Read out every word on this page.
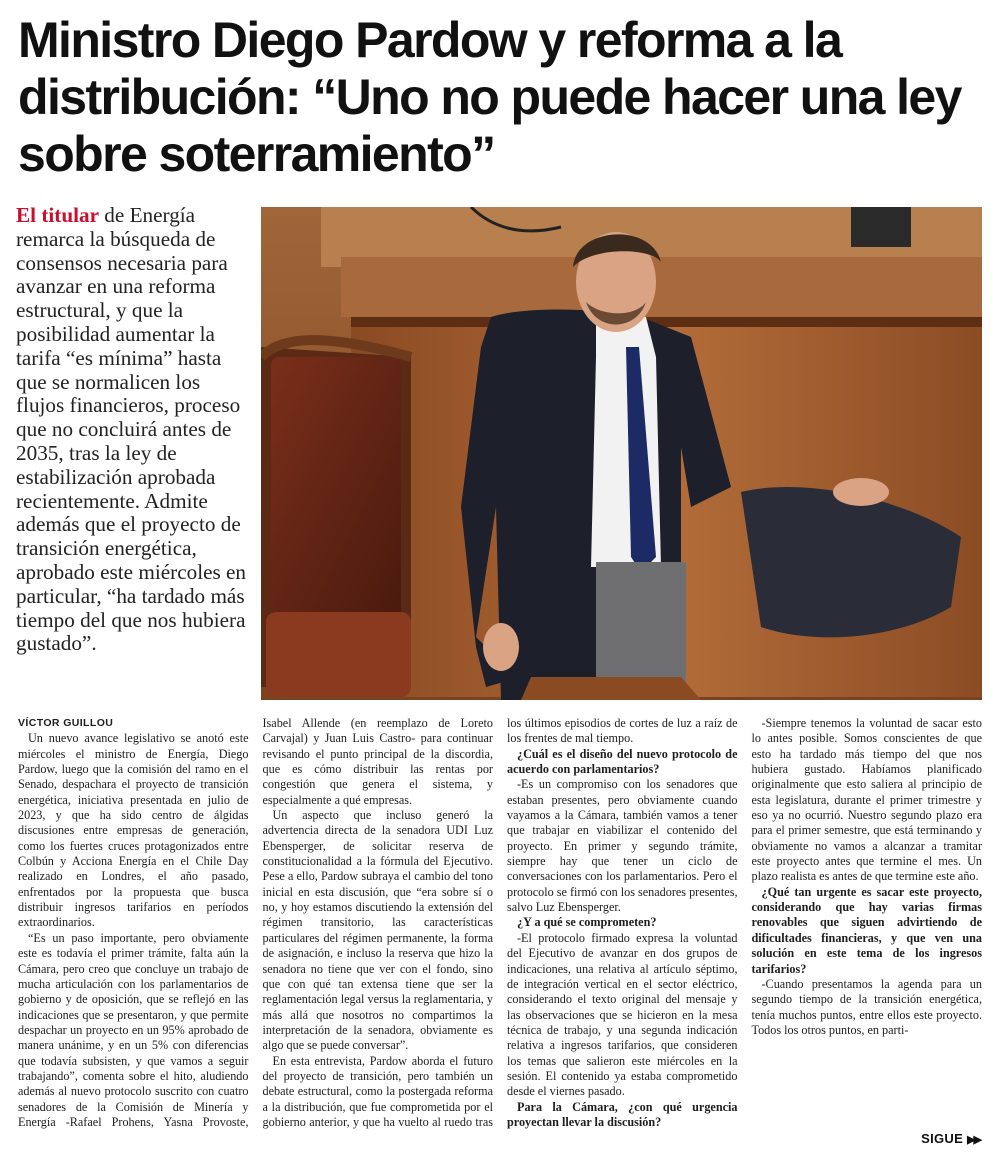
Ministro Diego Pardow y reforma a la distribución: “Uno no puede hacer una ley sobre soterramiento”

El titular de Energía remarca la búsqueda de consensos necesaria para avanzar en una reforma estructural, y que la posibilidad aumentar la tarifa “es mínima” hasta que se normalicen los flujos financieros, proceso que no concluirá antes de 2035, tras la ley de estabilización aprobada recientemente. Admite además que el proyecto de transición energética, aprobado este miércoles en particular, “ha tardado más tiempo del que nos hubiera gustado”.

VÍCTOR GUILLOU

Un nuevo avance legislativo se anotó este miércoles el ministro de Energía, Diego Pardow, luego que la comisión del ramo en el Senado, despachara el proyecto de transición energética, iniciativa presentada en julio de 2023, y que ha sido centro de álgidas discusiones entre empresas de generación, como los fuertes cruces protagonizados entre Colbún y Acciona Energía en el Chile Day realizado en Londres, el año pasado, enfrentados por la propuesta que busca distribuir ingresos tarifarios en períodos extraordinarios.

“Es un paso importante, pero obviamente este es todavía el primer trámite, falta aún la Cámara, pero creo que concluye un trabajo de mucha articulación con los parlamentarios de gobierno y de oposición, que se reflejó en las indicaciones que se presentaron, y que permite despachar un proyecto en un 95% aprobado de manera unánime, y en un 5% con diferencias que todavía subsisten, y que vamos a seguir trabajando”, comenta sobre el hito, aludiendo además al nuevo protocolo suscrito con cuatro senadores de la Comisión de Minería y Energía -Rafael Prohens, Yasna Provoste, Isabel Allende (en reemplazo de Loreto Carvajal) y Juan Luis Castro- para continuar revisando el punto principal de la discordia, que es cómo distribuir las rentas por congestión que genera el sistema, y especialmente a qué empresas.

Un aspecto que incluso generó la advertencia directa de la senadora UDI Luz Ebensperger, de solicitar reserva de constitucionalidad a la fórmula del Ejecutivo. Pese a ello, Pardow subraya el cambio del tono inicial en esta discusión, que “era sobre sí o no, y hoy estamos discutiendo la extensión del régimen transitorio, las características particulares del régimen permanente, la forma de asignación, e incluso la reserva que hizo la senadora no tiene que ver con el fondo, sino que con qué tan extensa tiene que ser la reglamentación legal versus la reglamentaria, y más allá que nosotros no compartimos la interpretación de la senadora, obviamente es algo que se puede conversar”.

En esta entrevista, Pardow aborda el futuro del proyecto de transición, pero también un debate estructural, como la postergada reforma a la distribución, que fue comprometida por el gobierno anterior, y que ha vuelto al ruedo tras los últimos episodios de cortes de luz a raíz de los frentes de mal tiempo.

¿Cuál es el diseño del nuevo protocolo de acuerdo con parlamentarios?

-Es un compromiso con los senadores que estaban presentes, pero obviamente cuando vayamos a la Cámara, también vamos a tener que trabajar en viabilizar el contenido del proyecto. En primer y segundo trámite, siempre hay que tener un ciclo de conversaciones con los parlamentarios. Pero el protocolo se firmó con los senadores presentes, salvo Luz Ebensperger.

¿Y a qué se comprometen?

-El protocolo firmado expresa la voluntad del Ejecutivo de avanzar en dos grupos de indicaciones, una relativa al artículo séptimo, de integración vertical en el sector eléctrico, considerando el texto original del mensaje y las observaciones que se hicieron en la mesa técnica de trabajo, y una segunda indicación relativa a ingresos tarifarios, que consideren los temas que salieron este miércoles en la sesión. El contenido ya estaba comprometido desde el viernes pasado.

Para la Cámara, ¿con qué urgencia proyectan llevar la discusión?

-Siempre tenemos la voluntad de sacar esto lo antes posible. Somos conscientes de que esto ha tardado más tiempo del que nos hubiera gustado. Habíamos planificado originalmente que esto saliera al principio de esta legislatura, durante el primer trimestre y eso ya no ocurrió. Nuestro segundo plazo era para el primer semestre, que está terminando y obviamente no vamos a alcanzar a tramitar este proyecto antes que termine el mes. Un plazo realista es antes de que termine este año.

¿Qué tan urgente es sacar este proyecto, considerando que hay varias firmas renovables que siguen advirtiendo de dificultades financieras, y que ven una solución en este tema de los ingresos tarifarios?

-Cuando presentamos la agenda para un segundo tiempo de la transición energética, tenía muchos puntos, entre ellos este proyecto. Todos los otros puntos, en parti-

SIGUE ▶▶
